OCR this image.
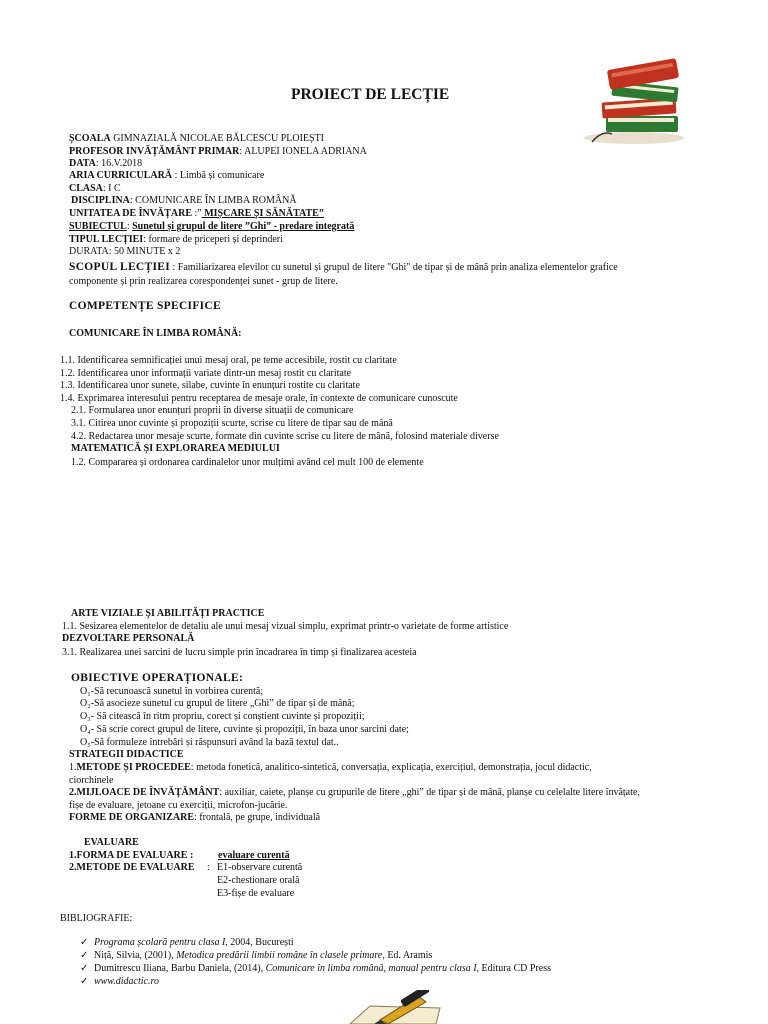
PROIECT DE LECȚIE
ȘCOALA GIMNAZIALĂ NICOLAE BĂLCESCU PLOIEȘTI
PROFESOR INVĂȚĂMÂNT PRIMAR: ALUPEI IONELA ADRIANA
DATA: 16.V.2018
ARIA CURRICULARĂ : Limbă și comunicare
CLASA: I C
DISCIPLINA: COMUNICARE ÎN LIMBA ROMÂNĂ
UNITATEA DE ÎNVĂȚARE :” MIȘCARE ȘI SĂNĂTATE”
SUBIECTUL: Sunetul și grupul de litere ”Ghi” - predare integrată
TIPUL LECȚIEI: formare de priceperi și deprinderi
DURATA: 50 MINUTE x 2
SCOPUL LECȚIEI : Familiarizarea elevilor cu sunetul și grupul de litere "Ghi" de tipar și de mână prin analiza elementelor grafice
componente și prin realizarea corespondenței sunet - grup de litere.
COMPETENȚE SPECIFICE
COMUNICARE ÎN LIMBA ROMÂNĂ:
1.1. Identificarea semnificației unui mesaj oral, pe teme accesibile, rostit cu claritate
1.2. Identificarea unor informații variate dintr-un mesaj rostit cu claritate
1.3. Identificarea unor sunete, silabe, cuvinte în enunțuri rostite cu claritate
1.4. Exprimarea interesului pentru receptarea de mesaje orale, în contexte de comunicare cunoscute
2.1. Formularea unor enunțuri proprii în diverse situații de comunicare
3.1. Citirea unor cuvinte și propoziții scurte, scrise cu litere de tipar sau de mână
4.2. Redactarea unor mesaje scurte, formate din cuvinte scrise cu litere de mână, folosind materiale diverse
MATEMATICĂ ȘI EXPLORAREA MEDIULUI
1.2. Compararea și ordonarea cardinalelor unor mulțimi având cel mult 100 de elemente
ARTE VIZIALE ȘI ABILITĂȚI PRACTICE
1.1. Sesizarea elementelor de detaliu ale unui mesaj vizual simplu, exprimat printr-o varietate de forme artistice
DEZVOLTARE PERSONALĂ
3.1. Realizarea unei sarcini de lucru simple prin încadrarea în timp și finalizarea acesteia
OBIECTIVE OPERAȚIONALE:
O₁-Să recunoască sunetul în vorbirea curentă;
O₂-Să asocieze sunetul cu grupul de litere „Ghi” de tipar și de mână;
O₃- Să citească în ritm propriu, corect și conștient cuvinte și propoziții;
O₄- Să scrie corect grupul de litere, cuvinte și propoziții, în baza unor sarcini date;
O₅-Să formuleze întrebări și răspunsuri având la bază textul dat..
STRATEGII DIDACTICE
1.METODE ȘI PROCEDEE: metoda fonetică, analitico-sintetică, conversația, explicația, exercițiul, demonstrația, jocul didactic,
ciorchinele
2.MIJLOACE DE ÎNVĂȚĂMÂNT: auxiliar, caiete, planșe cu grupurile de litere „ghi” de tipar și de mână, planșe cu celelalte litere învățate,
fișe de evaluare, jetoane cu exerciții, microfon-jucărie.
FORME DE ORGANIZARE: frontală, pe grupe, individuală
EVALUARE
1.FORMA DE EVALUARE : evaluare curentă
2.METODE DE EVALUARE : E1-observare curentă
E2-chestionare orală
E3-fișe de evaluare
BIBLIOGRAFIE:
✓ Programa școlară pentru clasa I, 2004, București
✓ Niță, Silvia, (2001), Metodica predării limbii române în clasele primare, Ed. Aramis
✓ Dumitrescu Iliana, Barbu Daniela, (2014), Comunicare în limba română, manual pentru clasa I, Editura CD Press
✓ www.didactic.ro
